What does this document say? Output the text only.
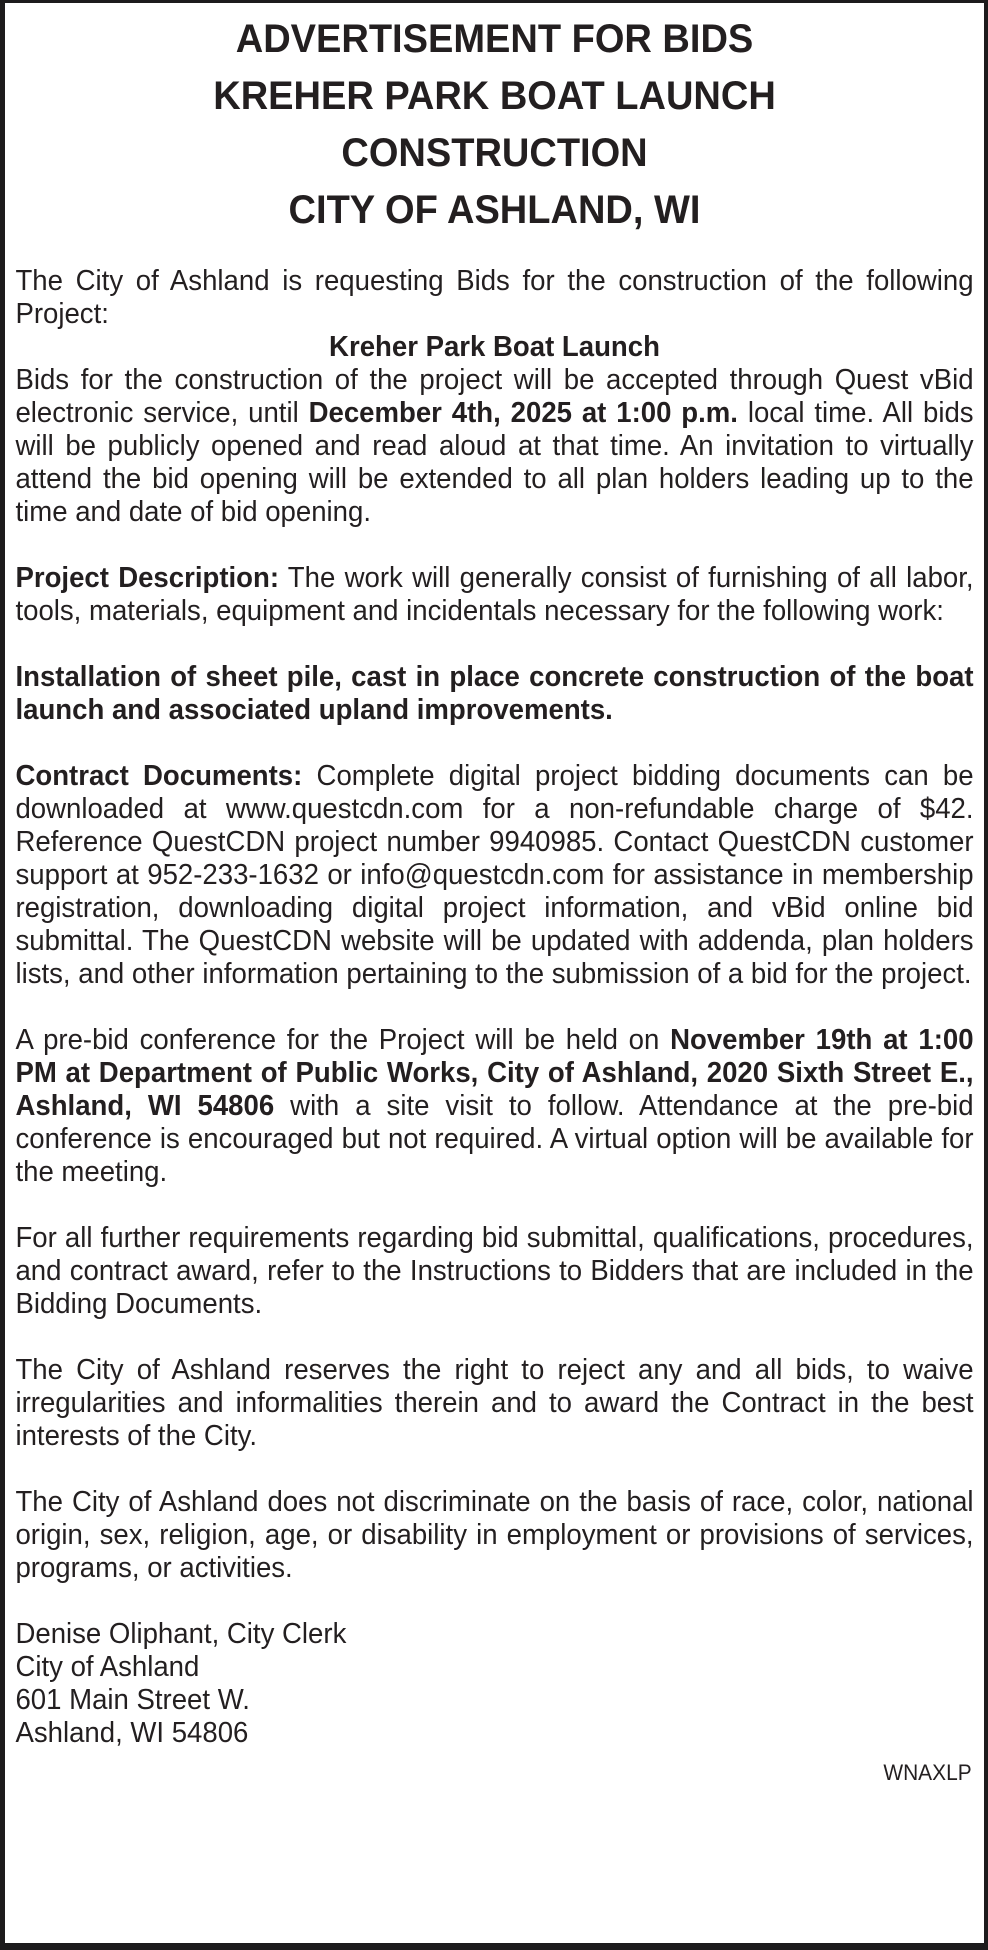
ADVERTISEMENT FOR BIDS
KREHER PARK BOAT LAUNCH
CONSTRUCTION
CITY OF ASHLAND, WI

The City of Ashland is requesting Bids for the construction of the following Project:

Kreher Park Boat Launch

Bids for the construction of the project will be accepted through Quest vBid electronic service, until December 4th, 2025 at 1:00 p.m. local time. All bids will be publicly opened and read aloud at that time. An invitation to virtually attend the bid opening will be extended to all plan holders leading up to the time and date of bid opening.

Project Description: The work will generally consist of furnishing of all labor, tools, materials, equipment and incidentals necessary for the following work:

Installation of sheet pile, cast in place concrete construction of the boat launch and associated upland improvements.

Contract Documents: Complete digital project bidding documents can be downloaded at www.questcdn.com for a non-refundable charge of $42. Reference QuestCDN project number 9940985. Contact QuestCDN customer support at 952-233-1632 or info@questcdn.com for assistance in membership registration, downloading digital project information, and vBid online bid submittal. The QuestCDN website will be updated with addenda, plan holders lists, and other information pertaining to the submission of a bid for the project.

A pre-bid conference for the Project will be held on November 19th at 1:00 PM at Department of Public Works, City of Ashland, 2020 Sixth Street E., Ashland, WI 54806 with a site visit to follow. Attendance at the pre-bid conference is encouraged but not required. A virtual option will be available for the meeting.

For all further requirements regarding bid submittal, qualifications, procedures, and contract award, refer to the Instructions to Bidders that are included in the Bidding Documents.

The City of Ashland reserves the right to reject any and all bids, to waive irregularities and informalities therein and to award the Contract in the best interests of the City.

The City of Ashland does not discriminate on the basis of race, color, national origin, sex, religion, age, or disability in employment or provisions of services, programs, or activities.

Denise Oliphant, City Clerk
City of Ashland
601 Main Street W.
Ashland, WI 54806
WNAXLP
